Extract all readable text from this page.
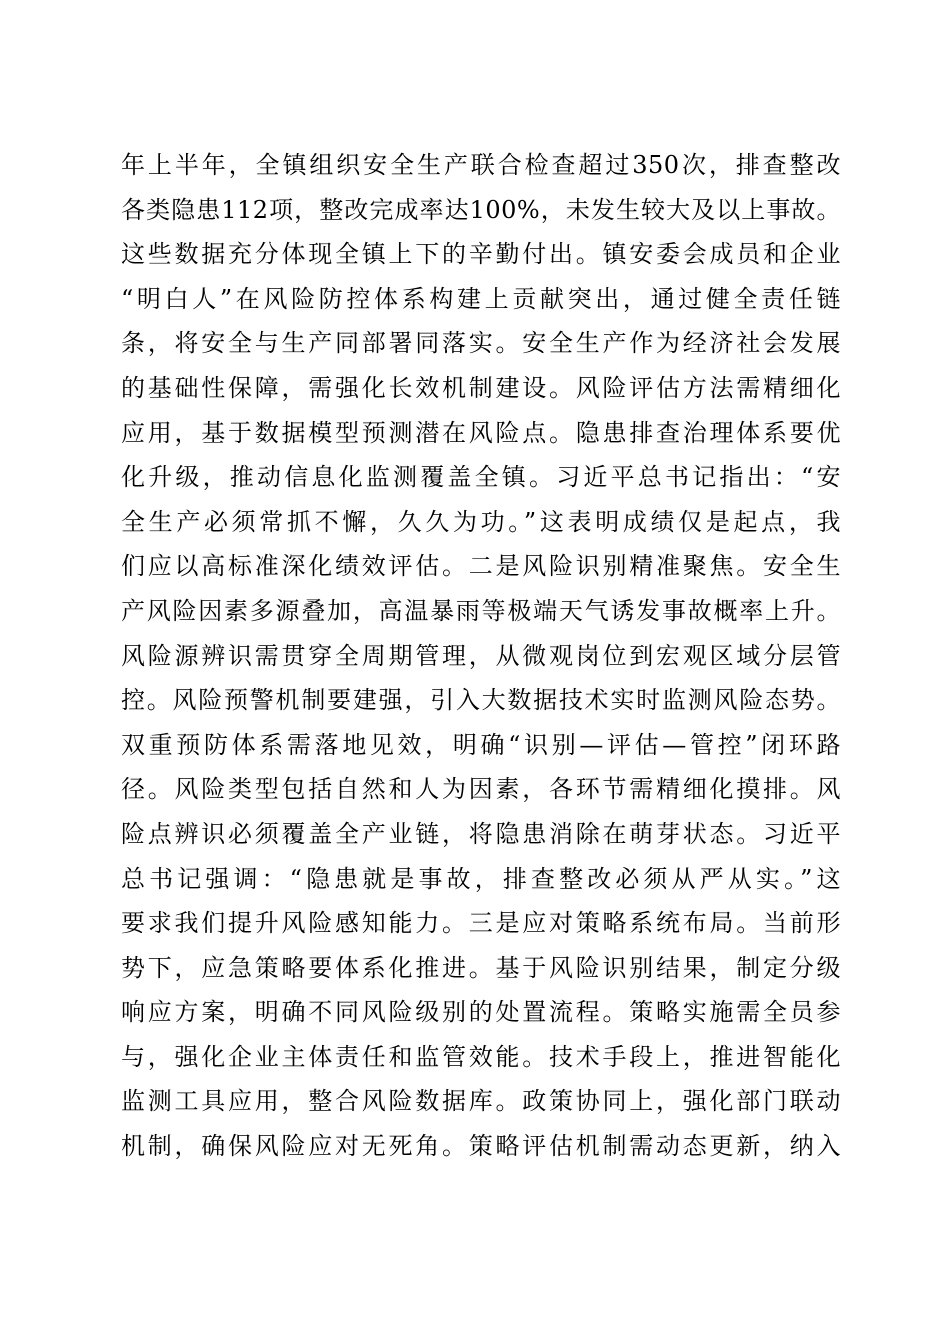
年上半年，全镇组织安全生产联合检查超过350次，排查整改
各类隐患112项，整改完成率达100%，未发生较大及以上事故。
这些数据充分体现全镇上下的辛勤付出。镇安委会成员和企业
“明白人”在风险防控体系构建上贡献突出，通过健全责任链
条，将安全与生产同部署同落实。安全生产作为经济社会发展
的基础性保障，需强化长效机制建设。风险评估方法需精细化
应用，基于数据模型预测潜在风险点。隐患排查治理体系要优
化升级，推动信息化监测覆盖全镇。习近平总书记指出：“安
全生产必须常抓不懈，久久为功。”这表明成绩仅是起点，我
们应以高标准深化绩效评估。二是风险识别精准聚焦。安全生
产风险因素多源叠加，高温暴雨等极端天气诱发事故概率上升。
风险源辨识需贯穿全周期管理，从微观岗位到宏观区域分层管
控。风险预警机制要建强，引入大数据技术实时监测风险态势。
双重预防体系需落地见效，明确“识别—评估—管控”闭环路
径。风险类型包括自然和人为因素，各环节需精细化摸排。风
险点辨识必须覆盖全产业链，将隐患消除在萌芽状态。习近平
总书记强调：“隐患就是事故，排查整改必须从严从实。”这
要求我们提升风险感知能力。三是应对策略系统布局。当前形
势下，应急策略要体系化推进。基于风险识别结果，制定分级
响应方案，明确不同风险级别的处置流程。策略实施需全员参
与，强化企业主体责任和监管效能。技术手段上，推进智能化
监测工具应用，整合风险数据库。政策协同上，强化部门联动
机制，确保风险应对无死角。策略评估机制需动态更新，纳入
